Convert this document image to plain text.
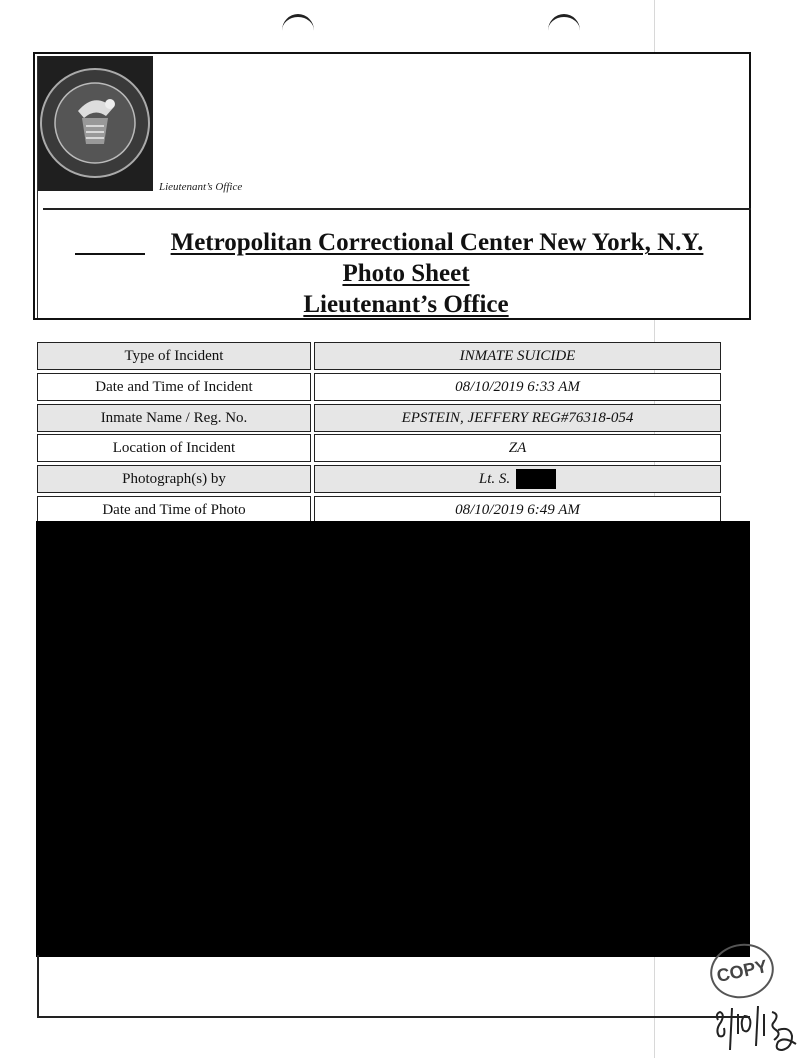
Lieutenant’s Office
Metropolitan Correctional Center New York, N.Y.
Photo Sheet
Lieutenant’s Office
Type of Incident	INMATE SUICIDE
Date and Time of Incident	08/10/2019 6:33 AM
Inmate Name / Reg. No.	EPSTEIN, JEFFERY REG#76318-054
Location of Incident	ZA
Photograph(s) by	Lt. S.
Date and Time of Photo	08/10/2019 6:49 AM
COPY
